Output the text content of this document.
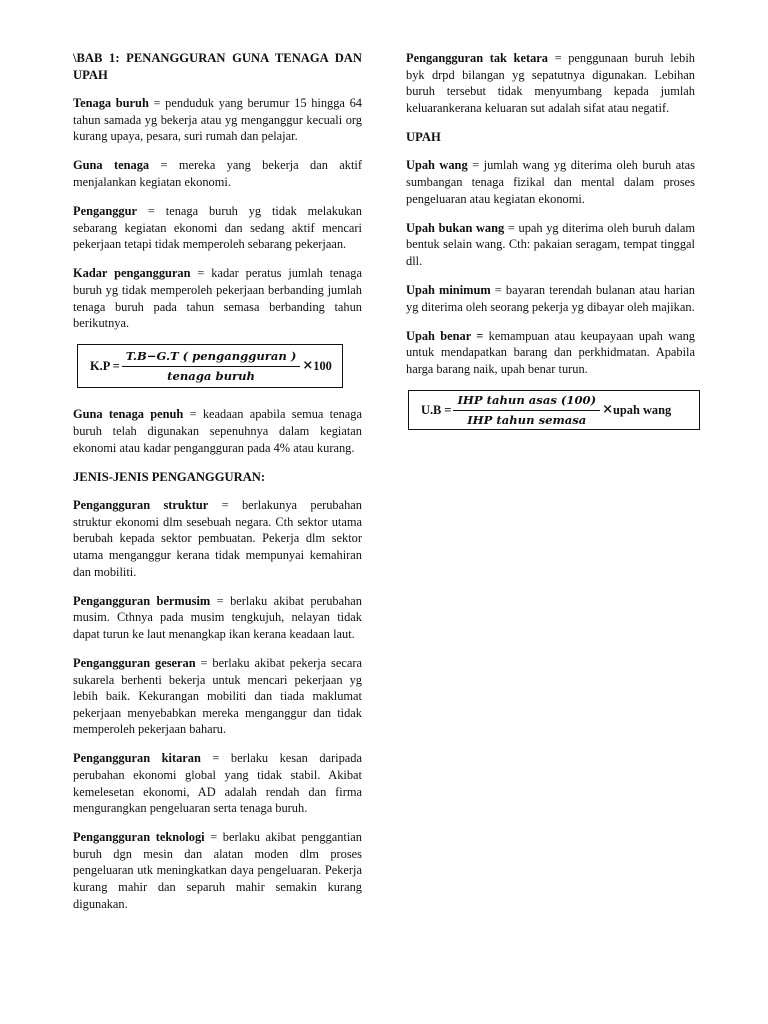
\BAB 1: PENANGGURAN GUNA TENAGA DAN UPAH
Tenaga buruh = penduduk yang berumur 15 hingga 64 tahun samada yg bekerja atau yg menganggur kecuali org kurang upaya, pesara, suri rumah dan pelajar.
Guna tenaga = mereka yang bekerja dan aktif menjalankan kegiatan ekonomi.
Penganggur = tenaga buruh yg tidak melakukan sebarang kegiatan ekonomi dan sedang aktif mencari pekerjaan tetapi tidak memperoleh sebarang pekerjaan.
Kadar pengangguran = kadar peratus jumlah tenaga buruh yg tidak memperoleh pekerjaan berbanding jumlah tenaga buruh pada tahun semasa berbanding tahun berikutnya.
$K.P = \frac{\text{T.B−G.T ( pengangguran )}}{\text{tenaga buruh}} \times 100$
Guna tenaga penuh = keadaan apabila semua tenaga buruh telah digunakan sepenuhnya dalam kegiatan ekonomi atau kadar pengangguran pada 4% atau kurang.
JENIS-JENIS PENGANGGURAN:
Pengangguran struktur = berlakunya perubahan struktur ekonomi dlm sesebuah negara. Cth sektor utama berubah kepada sektor pembuatan. Pekerja dlm sektor utama menganggur kerana tidak mempunyai kemahiran dan mobiliti.
Pengangguran bermusim = berlaku akibat perubahan musim. Cthnya pada musim tengkujuh, nelayan tidak dapat turun ke laut menangkap ikan kerana keadaan laut.
Pengangguran geseran = berlaku akibat pekerja secara sukarela berhenti bekerja untuk mencari pekerjaan yg lebih baik. Kekurangan mobiliti dan tiada maklumat pekerjaan menyebabkan mereka menganggur dan tidak memperoleh pekerjaan baharu.
Pengangguran kitaran = berlaku kesan daripada perubahan ekonomi global yang tidak stabil. Akibat kemelesetan ekonomi, AD adalah rendah dan firma mengurangkan pengeluaran serta tenaga buruh.
Pengangguran teknologi = berlaku akibat penggantian buruh dgn mesin dan alatan moden dlm proses pengeluaran utk meningkatkan daya pengeluaran. Pekerja kurang mahir dan separuh mahir semakin kurang digunakan.
Pengangguran tak ketara = penggunaan buruh lebih byk drpd bilangan yg sepatutnya digunakan. Lebihan buruh tersebut tidak menyumbang kepada jumlah keluarankerana keluaran sut adalah sifat atau negatif.
UPAH
Upah wang = jumlah wang yg diterima oleh buruh atas sumbangan tenaga fizikal dan mental dalam proses pengeluaran atau kegiatan ekonomi.
Upah bukan wang = upah yg diterima oleh buruh dalam bentuk selain wang. Cth: pakaian seragam, tempat tinggal dll.
Upah minimum = bayaran terendah bulanan atau harian yg diterima oleh seorang pekerja yg dibayar oleh majikan.
Upah benar = kemampuan atau keupayaan upah wang untuk mendapatkan barang dan perkhidmatan. Apabila harga barang naik, upah benar turun.
$U.B = \frac{\text{IHP tahun asas (100)}}{\text{IHP tahun semasa}}$ × upah wang
